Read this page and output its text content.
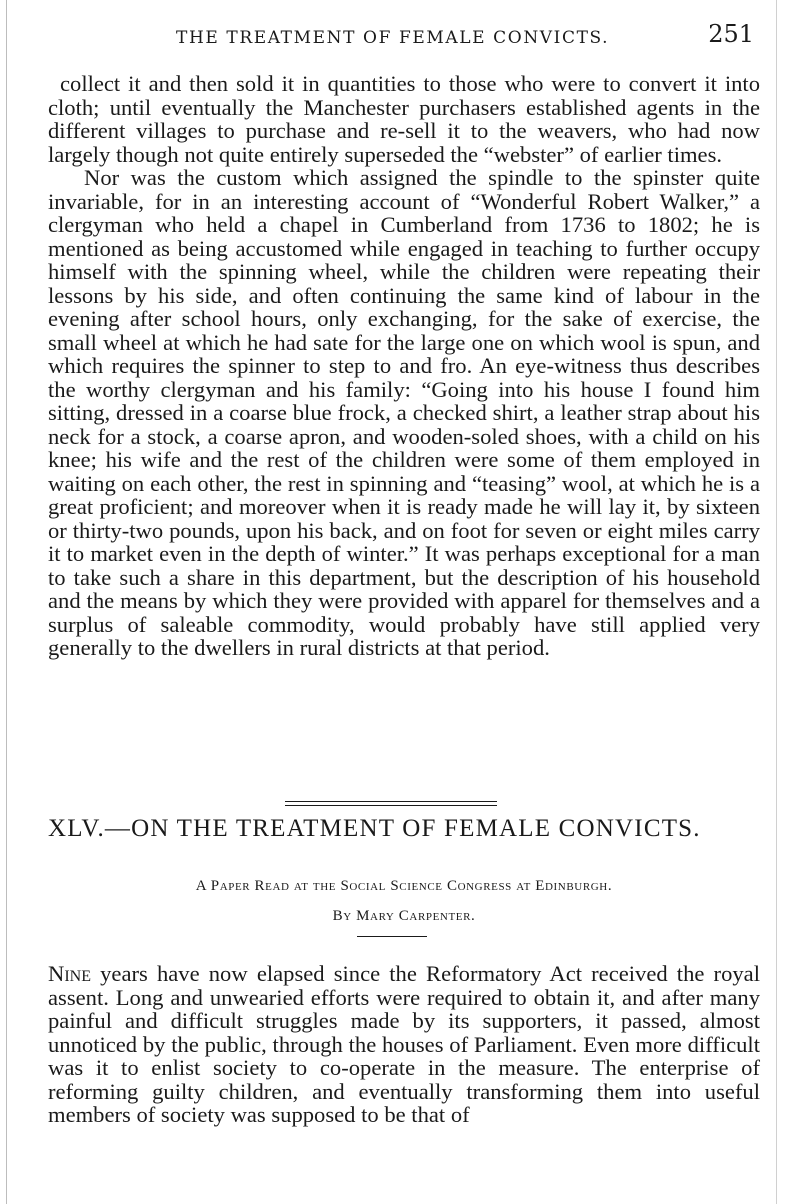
THE TREATMENT OF FEMALE CONVICTS.	251

collect it and then sold it in quantities to those who were to convert it into cloth; until eventually the Manchester purchasers established agents in the different villages to purchase and re-sell it to the weavers, who had now largely though not quite entirely superseded the “webster” of earlier times.

Nor was the custom which assigned the spindle to the spinster quite invariable, for in an interesting account of “Wonderful Robert Walker,” a clergyman who held a chapel in Cumberland from 1736 to 1802; he is mentioned as being accustomed while engaged in teaching to further occupy himself with the spinning wheel, while the children were repeating their lessons by his side, and often continuing the same kind of labour in the evening after school hours, only exchanging, for the sake of exercise, the small wheel at which he had sate for the large one on which wool is spun, and which requires the spinner to step to and fro. An eye-witness thus describes the worthy clergyman and his family: “Going into his house I found him sitting, dressed in a coarse blue frock, a checked shirt, a leather strap about his neck for a stock, a coarse apron, and wooden-soled shoes, with a child on his knee; his wife and the rest of the children were some of them employed in waiting on each other, the rest in spinning and “teasing” wool, at which he is a great proficient; and moreover when it is ready made he will lay it, by sixteen or thirty-two pounds, upon his back, and on foot for seven or eight miles carry it to market even in the depth of winter.” It was perhaps exceptional for a man to take such a share in this department, but the description of his household and the means by which they were provided with apparel for themselves and a surplus of saleable commodity, would probably have still applied very generally to the dwellers in rural districts at that period.

XLV.—ON THE TREATMENT OF FEMALE CONVICTS.
A Paper Read at the Social Science Congress at Edinburgh.
By Mary Carpenter.

Nine years have now elapsed since the Reformatory Act received the royal assent. Long and unwearied efforts were required to obtain it, and after many painful and difficult struggles made by its supporters, it passed, almost unnoticed by the public, through the houses of Parliament. Even more difficult was it to enlist society to co-operate in the measure. The enterprise of reforming guilty children, and eventually transforming them into useful members of society was supposed to be that of
